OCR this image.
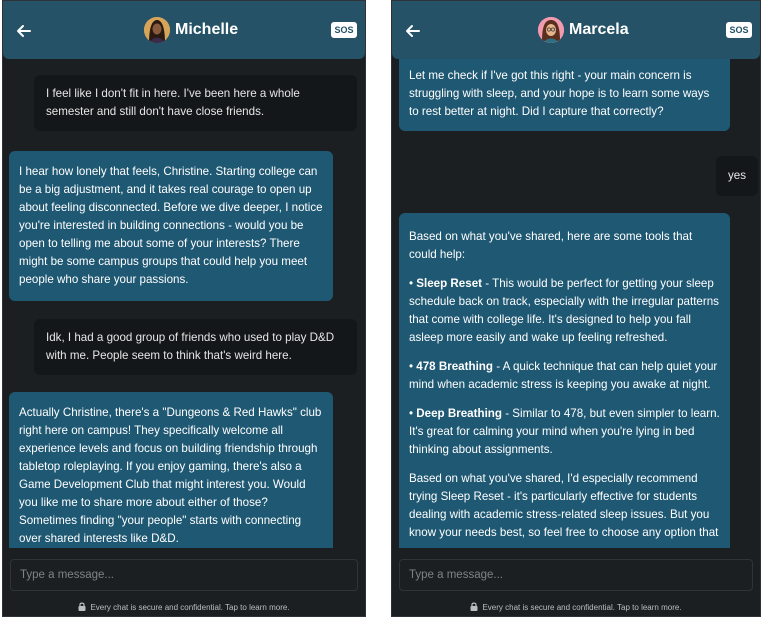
Michelle	SOS
I feel like I don't fit in here. I've been here a whole semester and still don't have close friends.
I hear how lonely that feels, Christine. Starting college can be a big adjustment, and it takes real courage to open up about feeling disconnected. Before we dive deeper, I notice you're interested in building connections - would you be open to telling me about some of your interests? There might be some campus groups that could help you meet people who share your passions.
Idk, I had a good group of friends who used to play D&D with me. People seem to think that's weird here.
Actually Christine, there's a "Dungeons & Red Hawks" club right here on campus! They specifically welcome all experience levels and focus on building friendship through tabletop roleplaying. If you enjoy gaming, there's also a Game Development Club that might interest you. Would you like me to share more about either of those? Sometimes finding "your people" starts with connecting over shared interests like D&D.
Type a message...
Every chat is secure and confidential. Tap to learn more.
Marcela	SOS
Let me check if I've got this right - your main concern is struggling with sleep, and your hope is to learn some ways to rest better at night. Did I capture that correctly?
yes

Based on what you've shared, here are some tools that could help:

• Sleep Reset - This would be perfect for getting your sleep schedule back on track, especially with the irregular patterns that come with college life. It's designed to help you fall asleep more easily and wake up feeling refreshed.

• 478 Breathing - A quick technique that can help quiet your mind when academic stress is keeping you awake at night.

• Deep Breathing - Similar to 478, but even simpler to learn. It's great for calming your mind when you're lying in bed thinking about assignments.

Based on what you've shared, I'd especially recommend trying Sleep Reset - it's particularly effective for students dealing with academic stress-related sleep issues. But you know your needs best, so feel free to choose any option that

Type a message...
Every chat is secure and confidential. Tap to learn more.
